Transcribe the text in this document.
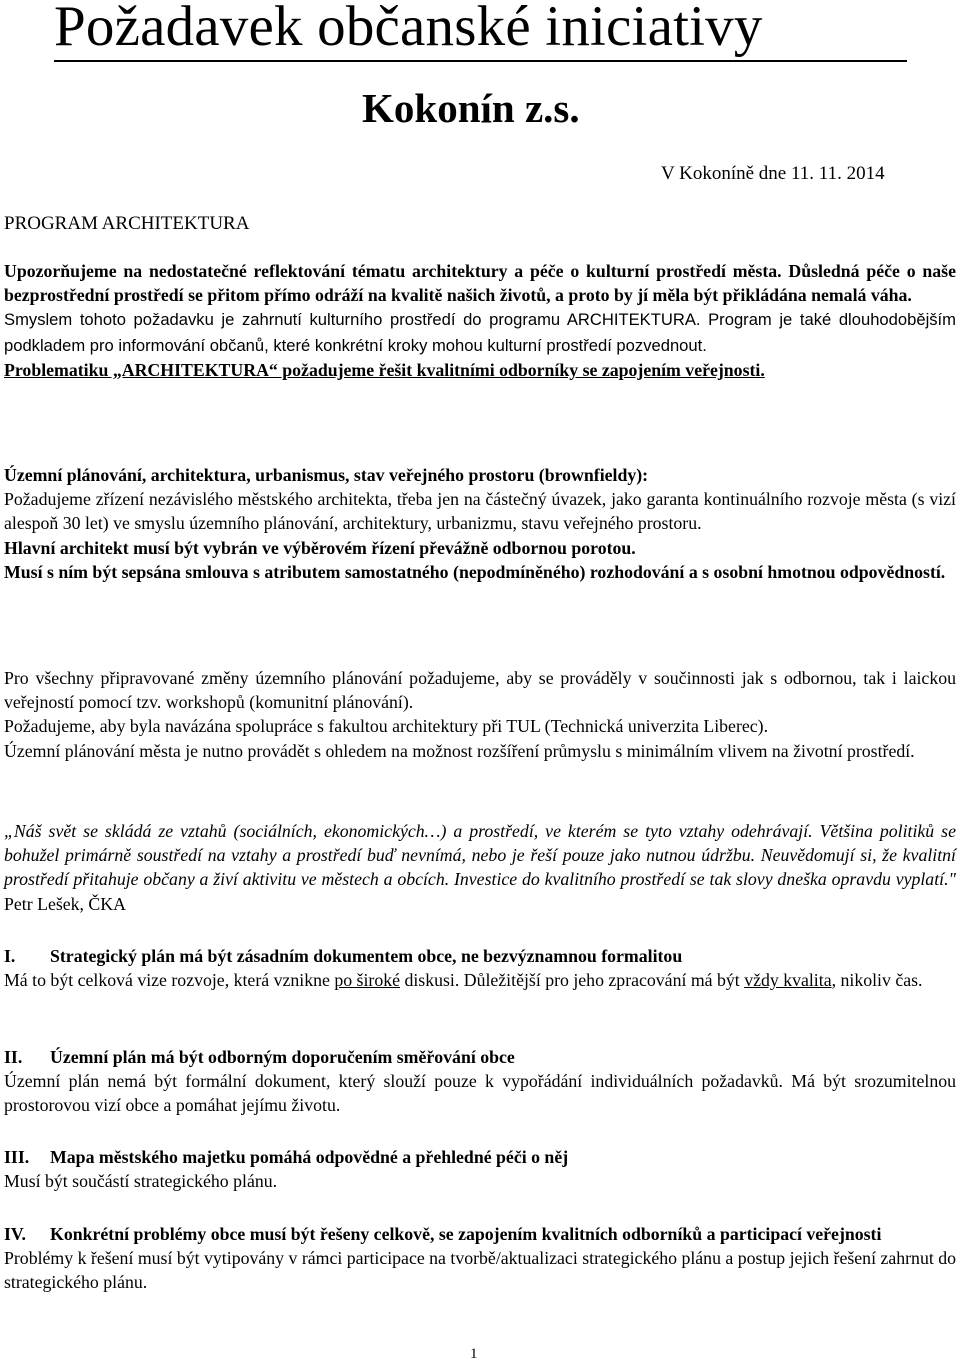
Požadavek občanské iniciativy
Kokonín z.s.
V Kokoníně dne 11. 11. 2014
PROGRAM ARCHITEKTURA

Upozorňujeme na nedostatečné reflektování tématu architektury a péče o kulturní prostředí města. Důsledná péče o naše bezprostřední prostředí se přitom přímo odráží na kvalitě našich životů, a proto by jí měla být přikládána nemalá váha.

Smyslem tohoto požadavku je zahrnutí kulturního prostředí do programu ARCHITEKTURA. Program je také dlouhodobějším podkladem pro informování občanů, které konkrétní kroky mohou kulturní prostředí pozvednout.

Problematiku „ARCHITEKTURA“ požadujeme řešit kvalitními odborníky se zapojením veřejnosti.

Územní plánování, architektura, urbanismus, stav veřejného prostoru (brownfieldy):

Požadujeme zřízení nezávislého městského architekta, třeba jen na částečný úvazek, jako garanta kontinuálního rozvoje města (s vizí alespoň 30 let) ve smyslu územního plánování, architektury, urbanizmu, stavu veřejného prostoru.

Hlavní architekt musí být vybrán ve výběrovém řízení převážně odbornou porotou.

Musí s ním být sepsána smlouva s atributem samostatného (nepodmíněného) rozhodování a s osobní hmotnou odpovědností.

Pro všechny připravované změny územního plánování požadujeme, aby se prováděly v součinnosti jak s odbornou, tak i laickou veřejností pomocí tzv. workshopů (komunitní plánování).

Požadujeme, aby byla navázána spolupráce s fakultou architektury při TUL (Technická univerzita Liberec).

Územní plánování města je nutno provádět s ohledem na možnost rozšíření průmyslu s minimálním vlivem na životní prostředí.

„Náš svět se skládá ze vztahů (sociálních, ekonomických…) a prostředí, ve kterém se tyto vztahy odehrávají. Většina politiků se bohužel primárně soustředí na vztahy a prostředí buď nevnímá, nebo je řeší pouze jako nutnou údržbu. Neuvědomují si, že kvalitní prostředí přitahuje občany a živí aktivitu ve městech a obcích. Investice do kvalitního prostředí se tak slovy dneška opravdu vyplatí." Petr Lešek, ČKA

I. Strategický plán má být zásadním dokumentem obce, ne bezvýznamnou formalitou

Má to být celková vize rozvoje, která vznikne po široké diskusi. Důležitější pro jeho zpracování má být vždy kvalita, nikoliv čas.

II. Územní plán má být odborným doporučením směřování obce

Územní plán nemá být formální dokument, který slouží pouze k vypořádání individuálních požadavků. Má být srozumitelnou prostorovou vizí obce a pomáhat jejímu životu.

III. Mapa městského majetku pomáhá odpovědné a přehledné péči o něj

Musí být součástí strategického plánu.

IV. Konkrétní problémy obce musí být řešeny celkově, se zapojením kvalitních odborníků a participací veřejnosti

Problémy k řešení musí být vytipovány v rámci participace na tvorbě/aktualizaci strategického plánu a postup jejich řešení zahrnut do strategického plánu.

1
